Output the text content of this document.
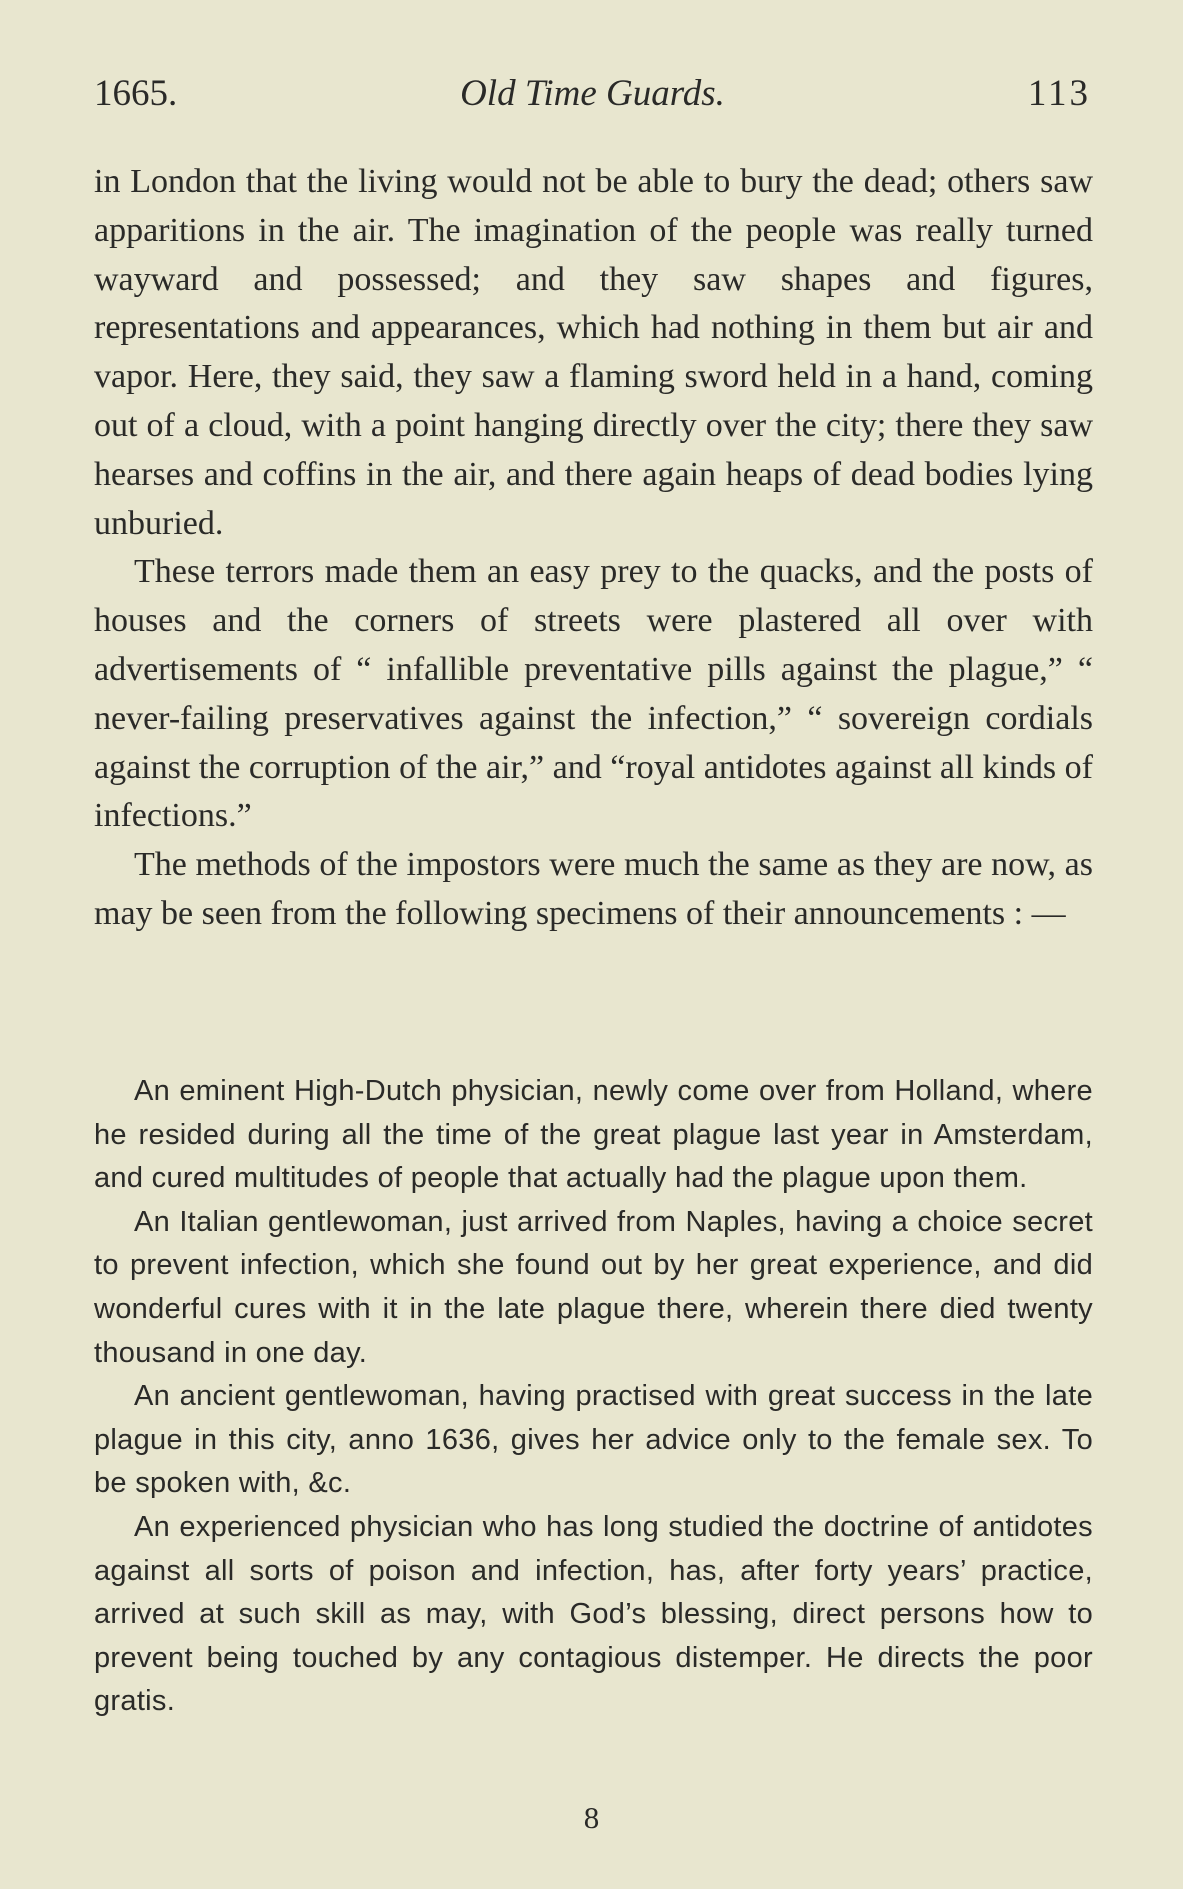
1665.	Old Time Guards.	113

in London that the living would not be able to bury the dead; others saw apparitions in the air. The imagination of the people was really turned wayward and possessed; and they saw shapes and figures, representations and appearances, which had nothing in them but air and vapor. Here, they said, they saw a flaming sword held in a hand, coming out of a cloud, with a point hanging directly over the city; there they saw hearses and coffins in the air, and there again heaps of dead bodies lying unburied.

These terrors made them an easy prey to the quacks, and the posts of houses and the corners of streets were plastered all over with advertisements of “ infallible preventative pills against the plague,” “ never-failing preservatives against the infection,” “ sovereign cordials against the corruption of the air,” and “royal antidotes against all kinds of infections.”

The methods of the impostors were much the same as they are now, as may be seen from the following specimens of their announcements : —

An eminent High-Dutch physician, newly come over from Holland, where he resided during all the time of the great plague last year in Amsterdam, and cured multitudes of people that actually had the plague upon them.

An Italian gentlewoman, just arrived from Naples, having a choice secret to prevent infection, which she found out by her great experience, and did wonderful cures with it in the late plague there, wherein there died twenty thousand in one day.

An ancient gentlewoman, having practised with great success in the late plague in this city, anno 1636, gives her advice only to the female sex. To be spoken with, &c.

An experienced physician who has long studied the doctrine of antidotes against all sorts of poison and infection, has, after forty years’ practice, arrived at such skill as may, with God’s blessing, direct persons how to prevent being touched by any contagious distemper. He directs the poor gratis.

8
